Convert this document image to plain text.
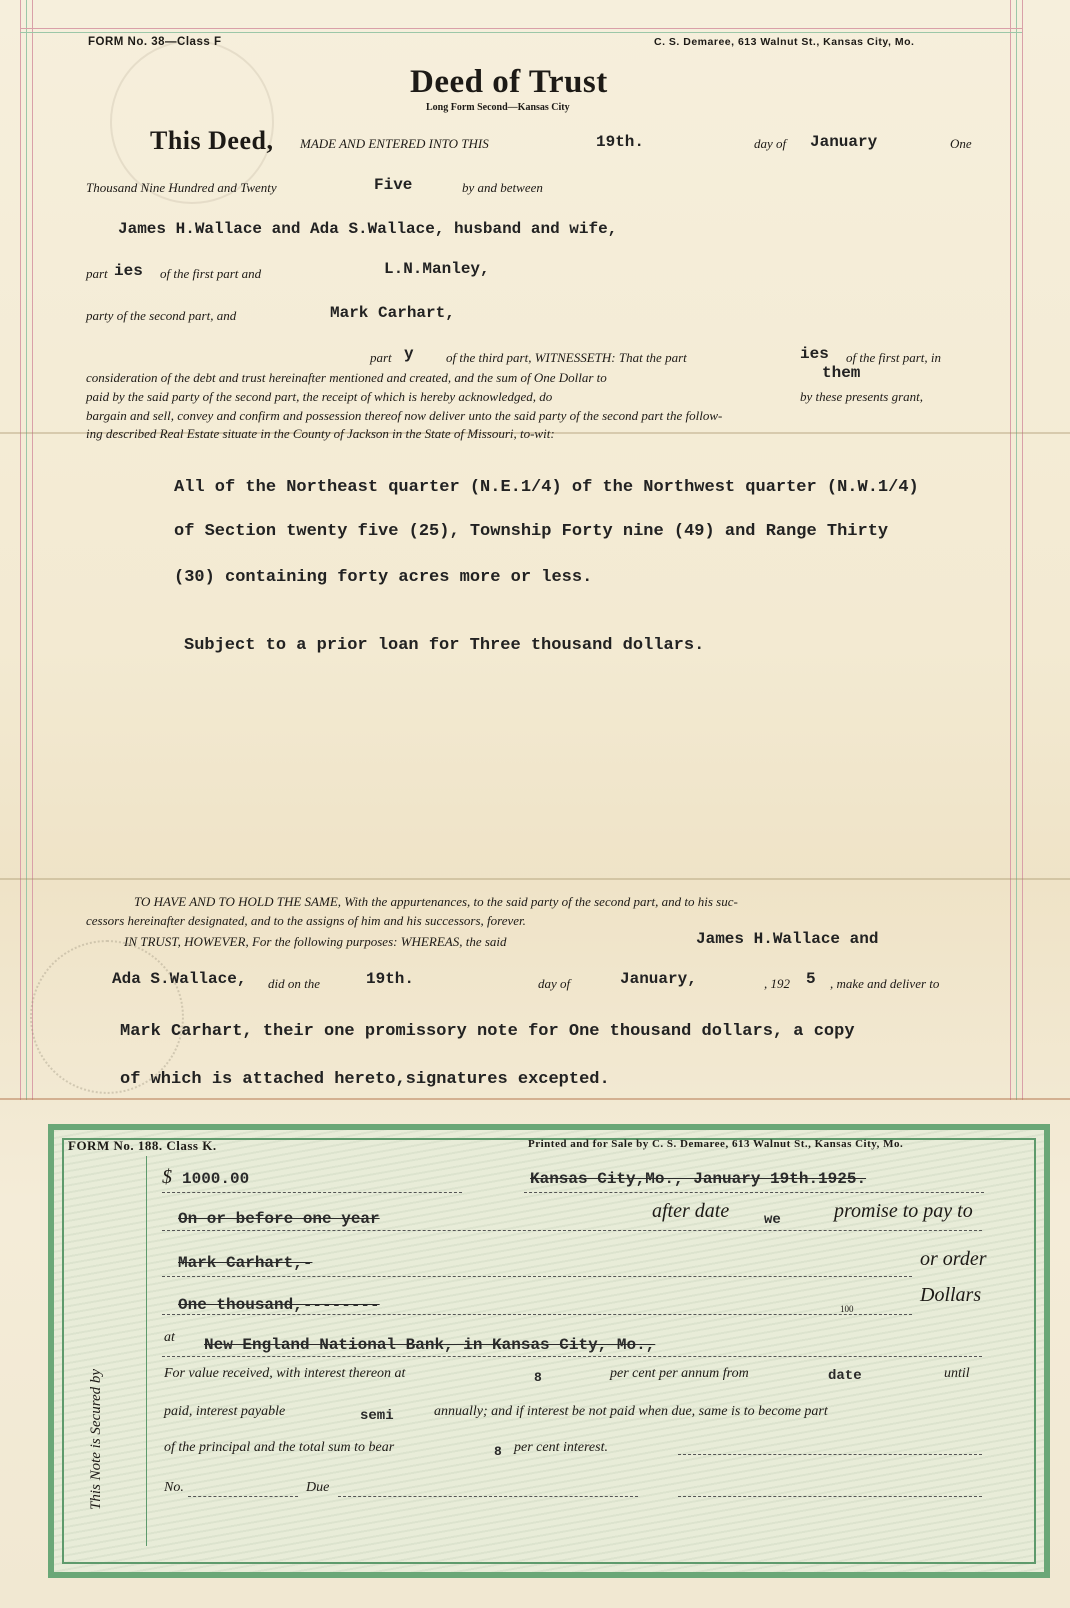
FORM No. 38—Class F	C. S. Demaree, 613 Walnut St., Kansas City, Mo.
Deed of Trust
Long Form Second—Kansas City
This Deed, MADE AND ENTERED INTO THIS	19th.	day of January	One
Thousand Nine Hundred and Twenty	Five	by and between
James H.Wallace and Ada S.Wallace, husband and wife,
part ies of the first part and	L.N.Manley,
party of the second part, and	Mark Carhart,
part y of the third part, WITNESSETH: That the part	ies of the first part, in
consideration of the debt and trust hereinafter mentioned and created, and the sum of One Dollar to	them
paid by the said party of the second part, the receipt of which is hereby acknowledged, do	by these presents grant,
bargain and sell, convey and confirm and possession thereof now deliver unto the said party of the second part the follow-
ing described Real Estate situate in the County of Jackson in the State of Missouri, to-wit:
All of the Northeast quarter (N.E.1/4) of the Northwest quarter (N.W.1/4)
of Section twenty five (25), Township Forty nine (49) and Range Thirty
(30) containing forty acres more or less.
Subject to a prior loan for Three thousand dollars.
TO HAVE AND TO HOLD THE SAME, With the appurtenances, to the said party of the second part, and to his suc-
cessors hereinafter designated, and to the assigns of him and his successors, forever.
IN TRUST, HOWEVER, For the following purposes: WHEREAS, the said	James H.Wallace and
Ada S.Wallace, did on the	19th.	day of	January,	, 192 5 , make and deliver to
Mark Carhart, their one promissory note for One thousand dollars, a copy
of which is attached hereto,signatures excepted.
This Note is Secured by
FORM No. 188. Class K.	Printed and for Sale by C. S. Demaree, 613 Walnut St., Kansas City, Mo.
$ 1000.00	Kansas City,Mo., January 19th.1925.
On or before one year	after date we	promise to pay to
Mark Carhart,-	or order
One thousand,--------	Dollars
100
at New England National Bank, in Kansas City, Mo.,
For value received, with interest thereon at	8	per cent per annum from	date	until
paid, interest payable	semi	annually; and if interest be not paid when due, same is to become part
of the principal and the total sum to bear	8 per cent interest.
No.	Due
